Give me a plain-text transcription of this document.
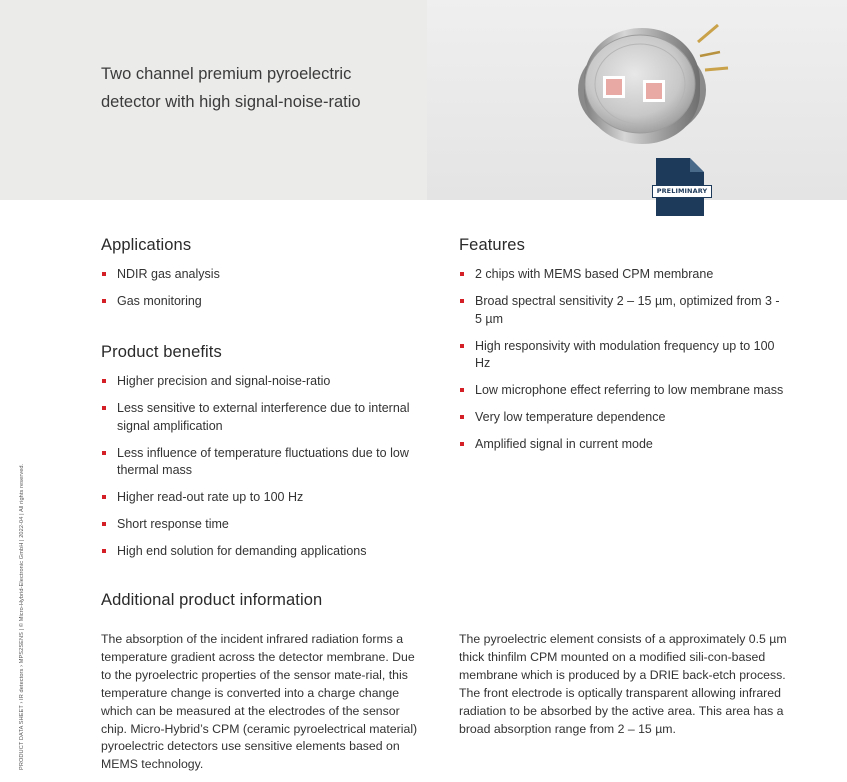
Two channel premium pyroelectric
detector with high signal-noise-ratio
PRELIMINARY
PRODUCT DATA SHEET › IR detectors › MPS2SENS | © Micro-Hybrid-Electronic GmbH | 2022-04 | All rights reserved.
Applications
NDIR gas analysis
Gas monitoring
Product benefits
Higher precision and signal-noise-ratio
Less sensitive to external interference due to internal signal amplification
Less influence of temperature fluctuations due to low thermal mass
Higher read-out rate up to 100 Hz
Short response time
High end solution for demanding applications
Features
2 chips with MEMS based CPM membrane
Broad spectral sensitivity 2 – 15 µm, optimized from 3 - 5 µm
High responsivity with modulation frequency up to 100 Hz
Low microphone effect referring to low membrane mass
Very low temperature dependence
Amplified signal in current mode
Additional product information

The absorption of the incident infrared radiation forms a temperature gradient across the detector membrane. Due to the pyroelectric properties of the sensor mate-rial, this temperature change is converted into a charge change which can be measured at the electrodes of the sensor chip. Micro-Hybrid’s CPM (ceramic pyroelectrical material) pyroelectric detectors use sensitive elements based on MEMS technology.

The pyroelectric element consists of a approximately 0.5 µm thick thinfilm CPM mounted on a modified sili-con-based membrane which is produced by a DRIE back-etch process. The front electrode is optically transparent allowing infrared radiation to be absorbed by the active area. This area has a broad absorption range from 2 – 15 µm.
